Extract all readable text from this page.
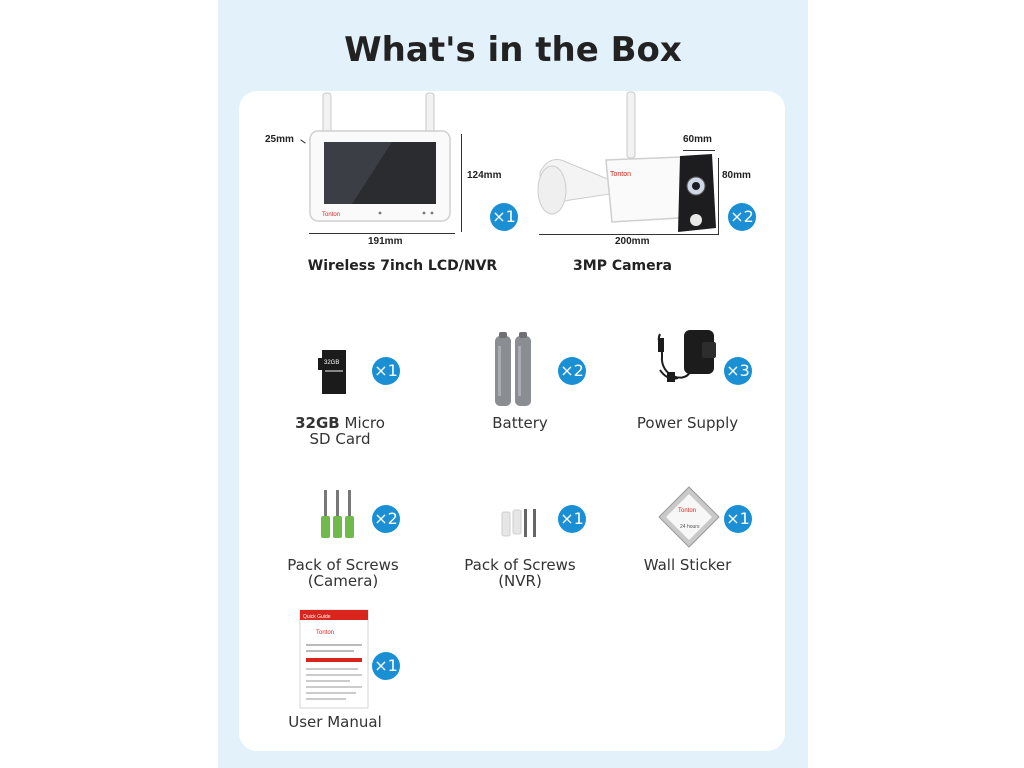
What's in the Box
Tonton
25mm
124mm
191mm
×1
Wireless 7inch LCD/NVR
Tonton
60mm
80mm
200mm
×2
3MP Camera
32GB ×1
32GB Micro
SD Card
×2
Battery
×3
Power Supply
×2
Pack of Screws
(Camera)
×1
Pack of Screws
(NVR)
Tonton
24 hours ×1
Wall Sticker
Quick Guide
Tonton
×1
User Manual
